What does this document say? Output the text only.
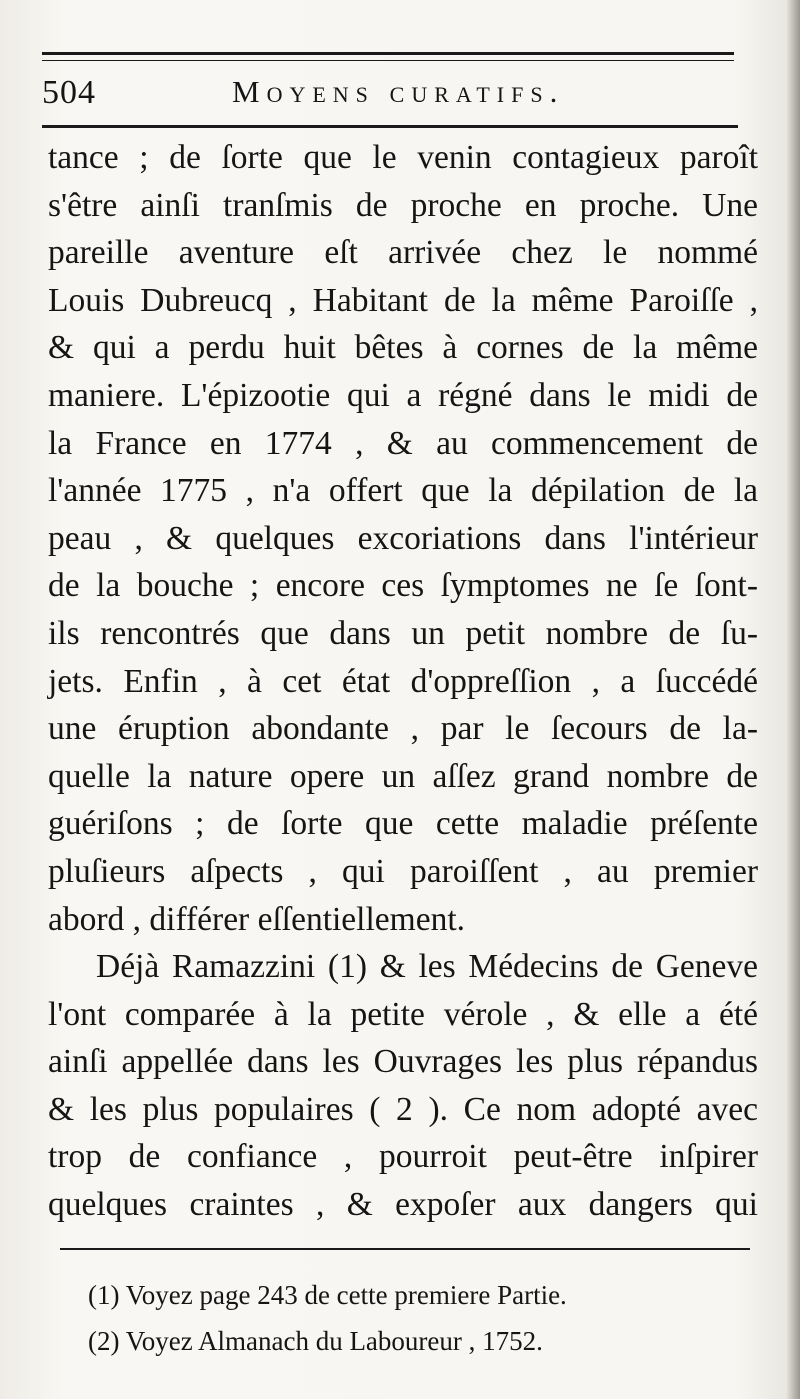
504	Moyens curatifs.
tance ; de ſorte que le venin contagieux paroît
s'être ainſi tranſmis de proche en proche. Une
pareille aventure eſt arrivée chez le nommé
Louis Dubreucq , Habitant de la même Paroiſſe ,
& qui a perdu huit bêtes à cornes de la même
maniere. L'épizootie qui a régné dans le midi de
la France en 1774 , & au commencement de
l'année 1775 , n'a offert que la dépilation de la
peau , & quelques excoriations dans l'intérieur
de la bouche ; encore ces ſymptomes ne ſe ſont-
ils rencontrés que dans un petit nombre de ſu-
jets. Enfin , à cet état d'oppreſſion , a ſuccédé
une éruption abondante , par le ſecours de la-
quelle la nature opere un aſſez grand nombre de
guériſons ; de ſorte que cette maladie préſente
pluſieurs aſpects , qui paroiſſent , au premier
abord , différer eſſentiellement.
Déjà Ramazzini (1) & les Médecins de Geneve
l'ont comparée à la petite vérole , & elle a été
ainſi appellée dans les Ouvrages les plus répandus
& les plus populaires ( 2 ). Ce nom adopté avec
trop de confiance , pourroit peut-être inſpirer
quelques craintes , & expoſer aux dangers qui
(1) Voyez page 243 de cette premiere Partie.
(2) Voyez Almanach du Laboureur , 1752.
